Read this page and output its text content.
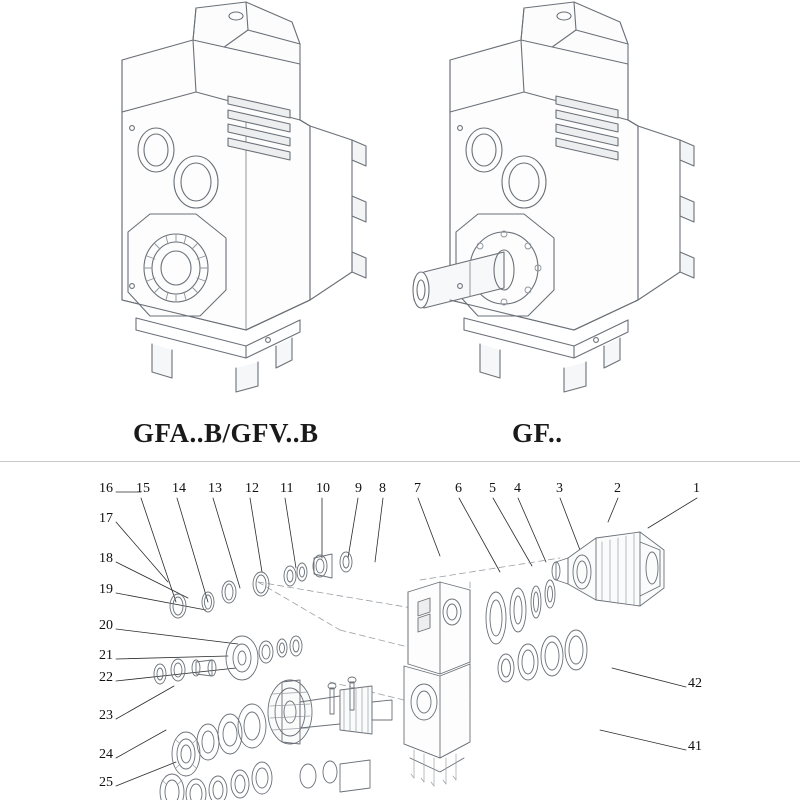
GFA..B/GFV..B	GF..
16
17
18
19
20
21
22
23
24
25
15 14 13 12 11 10 9 8 7 6 5 4	3	2	1
42
41
